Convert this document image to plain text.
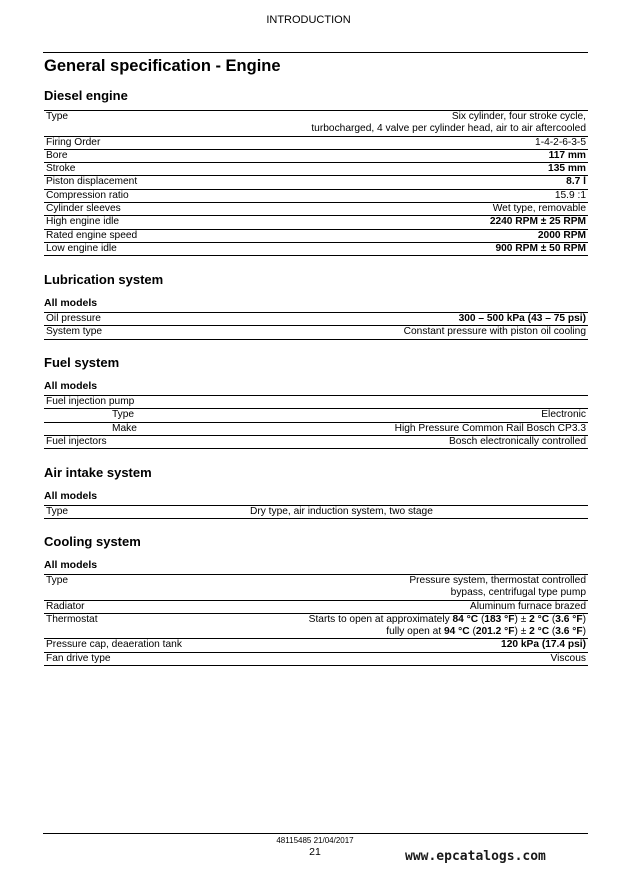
INTRODUCTION
General specification - Engine
Diesel engine
Type	Six cylinder, four stroke cycle,
turbocharged, 4 valve per cylinder head, air to air aftercooled
Firing Order	1-4-2-6-3-5
Bore	117 mm
Stroke	135 mm
Piston displacement	8.7 l
Compression ratio	15.9 :1
Cylinder sleeves	Wet type, removable
High engine idle	2240 RPM ± 25 RPM
Rated engine speed	2000 RPM
Low engine idle	900 RPM ± 50 RPM
Lubrication system
All models
Oil pressure	300 – 500 kPa (43 – 75 psi)
System type	Constant pressure with piston oil cooling
Fuel system
All models
Fuel injection pump	
Type	Electronic
Make	High Pressure Common Rail Bosch CP3.3
Fuel injectors	Bosch electronically controlled
Air intake system
All models
Type	Dry type, air induction system, two stage
Cooling system
All models
Type	Pressure system, thermostat controlled
bypass, centrifugal type pump
Radiator	Aluminum furnace brazed
Thermostat	Starts to open at approximately 84 °C (183 °F) ± 2 °C (3.6 °F)
fully open at 94 °C (201.2 °F) ± 2 °C (3.6 °F)
Pressure cap, deaeration tank	120 kPa (17.4 psi)
Fan drive type	Viscous
48115485 21/04/2017
21	www.epcatalogs.com
